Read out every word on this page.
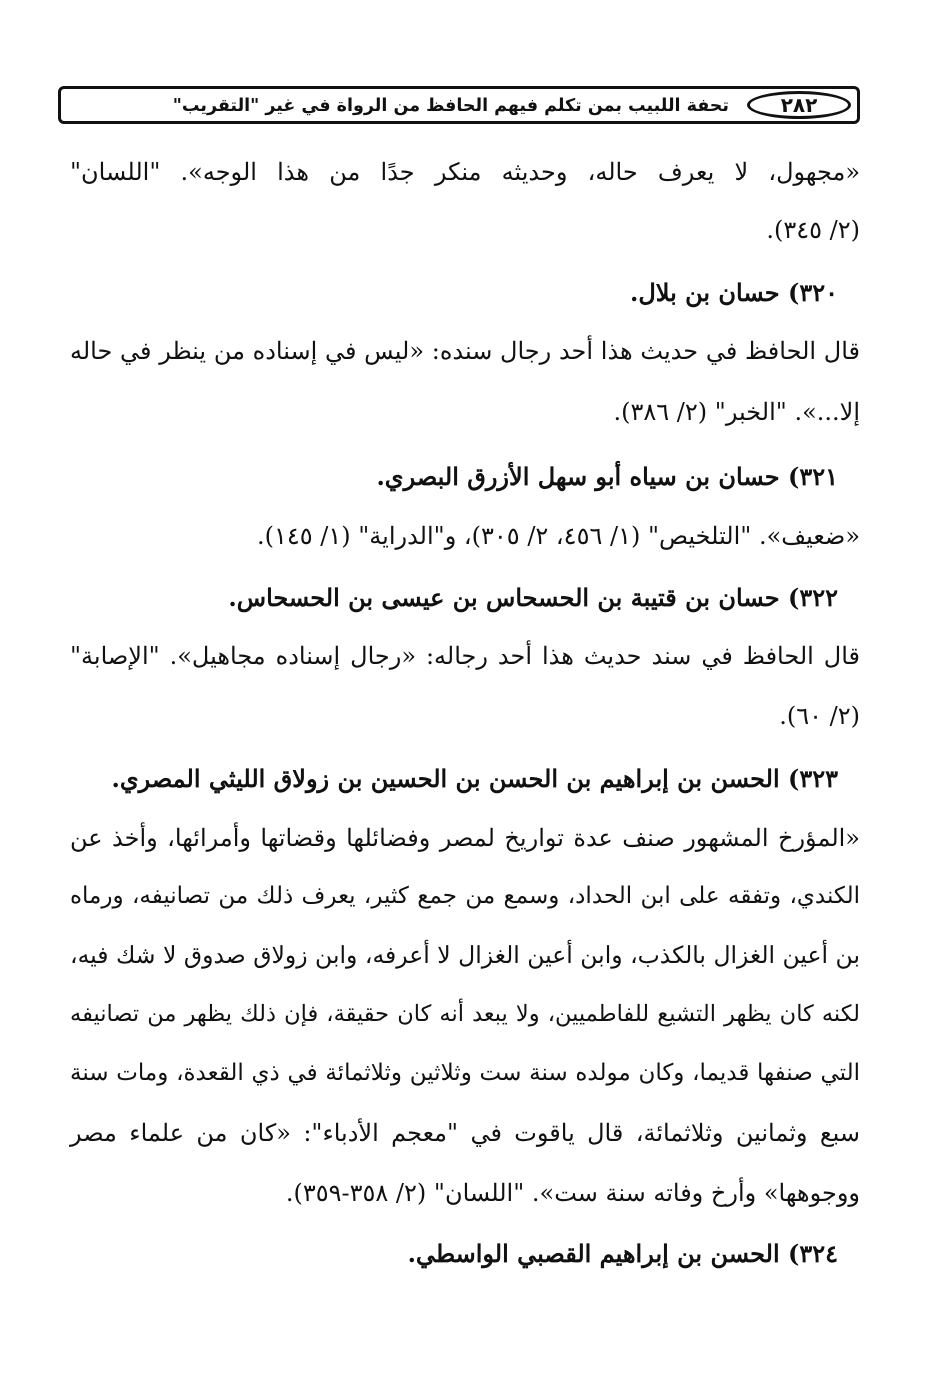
٢٨٢
تحفة اللبيب بمن تكلم فيهم الحافظ من الرواة في غير "التقريب"
«مجهول، لا يعرف حاله، وحديثه منكر جدًا من هذا الوجه». "اللسان"
(٢/ ٣٤٥).
٣٢٠) حسان بن بلال.
قال الحافظ في حديث هذا أحد رجال سنده: «ليس في إسناده من ينظر في حاله
إلا...». "الخبر" (٢/ ٣٨٦).
٣٢١) حسان بن سياه أبو سهل الأزرق البصري.
«ضعيف». "التلخيص" (١/ ٤٥٦، ٢/ ٣٠٥)، و"الدراية" (١/ ١٤٥).
٣٢٢) حسان بن قتيبة بن الحسحاس بن عيسى بن الحسحاس.
قال الحافظ في سند حديث هذا أحد رجاله: «رجال إسناده مجاهيل». "الإصابة"
(٢/ ٦٠).
٣٢٣) الحسن بن إبراهيم بن الحسن بن الحسين بن زولاق الليثي المصري.
«المؤرخ المشهور صنف عدة تواريخ لمصر وفضائلها وقضاتها وأمرائها، وأخذ عن
الكندي، وتفقه على ابن الحداد، وسمع من جمع كثير، يعرف ذلك من تصانيفه، ورماه
بن أعين الغزال بالكذب، وابن أعين الغزال لا أعرفه، وابن زولاق صدوق لا شك فيه،
لكنه كان يظهر التشيع للفاطميين، ولا يبعد أنه كان حقيقة، فإن ذلك يظهر من تصانيفه
التي صنفها قديما، وكان مولده سنة ست وثلاثين وثلاثمائة في ذي القعدة، ومات سنة
سبع وثمانين وثلاثمائة، قال ياقوت في "معجم الأدباء": «كان من علماء مصر
ووجوهها» وأرخ وفاته سنة ست». "اللسان" (٢/ ٣٥٨-٣٥٩).
٣٢٤) الحسن بن إبراهيم القصبي الواسطي.
